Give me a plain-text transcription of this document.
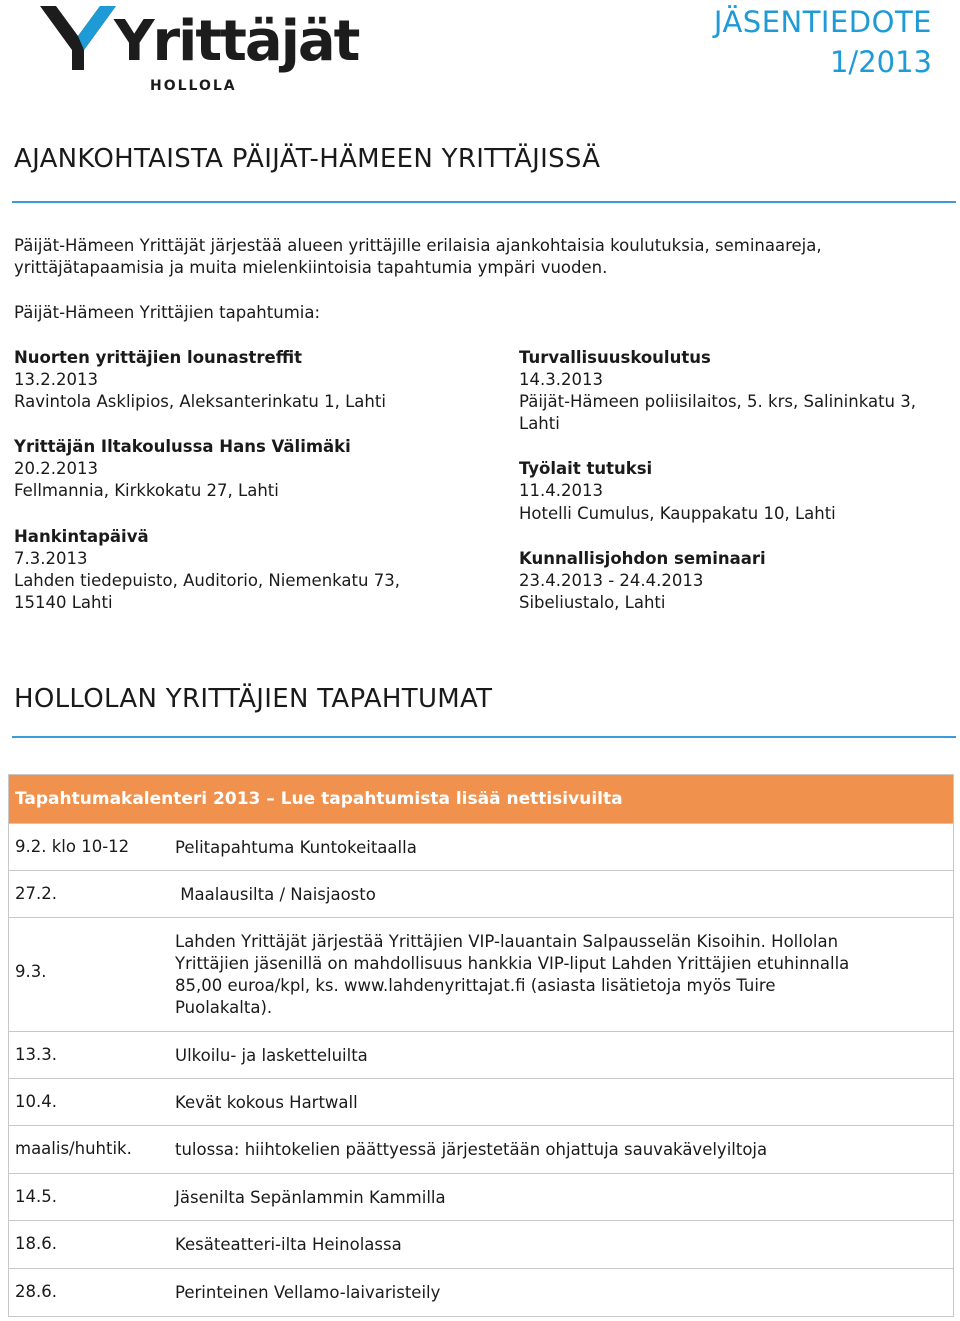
Yrittäjät
HOLLOLA
JÄSENTIEDOTE
1/2013
AJANKOHTAISTA PÄIJÄT-HÄMEEN YRITTÄJISSÄ
Päijät-Hämeen Yrittäjät järjestää alueen yrittäjille erilaisia ajankohtaisia koulutuksia, seminaareja,
yrittäjätapaamisia ja muita mielenkiintoisia tapahtumia ympäri vuoden.
Päijät-Hämeen Yrittäjien tapahtumia:
Nuorten yrittäjien lounastreffit
13.2.2013
Ravintola Asklipios, Aleksanterinkatu 1, Lahti
Yrittäjän Iltakoulussa Hans Välimäki
20.2.2013
Fellmannia, Kirkkokatu 27, Lahti
Hankintapäivä
7.3.2013
Lahden tiedepuisto, Auditorio, Niemenkatu 73,
15140 Lahti
Turvallisuuskoulutus
14.3.2013
Päijät-Hämeen poliisilaitos, 5. krs, Salininkatu 3,
Lahti
Työlait tutuksi
11.4.2013
Hotelli Cumulus, Kauppakatu 10, Lahti
Kunnallisjohdon seminaari
23.4.2013 - 24.4.2013
Sibeliustalo, Lahti
HOLLOLAN YRITTÄJIEN TAPAHTUMAT
Tapahtumakalenteri 2013 – Lue tapahtumista lisää nettisivuilta
9.2. klo 10-12	Pelitapahtuma Kuntokeitaalla
27.2.	Maalausilta / Naisjaosto
9.3.
Lahden Yrittäjät järjestää Yrittäjien VIP-lauantain Salpausselän Kisoihin. Hollolan
Yrittäjien jäsenillä on mahdollisuus hankkia VIP-liput Lahden Yrittäjien etuhinnalla
85,00 euroa/kpl, ks. www.lahdenyrittajat.fi (asiasta lisätietoja myös Tuire
Puolakalta).
13.3.	Ulkoilu- ja lasketteluilta
10.4.	Kevät kokous Hartwall
maalis/huhtik.	tulossa: hiihtokelien päättyessä järjestetään ohjattuja sauvakävelyiltoja
14.5.	Jäsenilta Sepänlammin Kammilla
18.6.	Kesäteatteri-ilta Heinolassa
28.6.	Perinteinen Vellamo-laivaristeily
